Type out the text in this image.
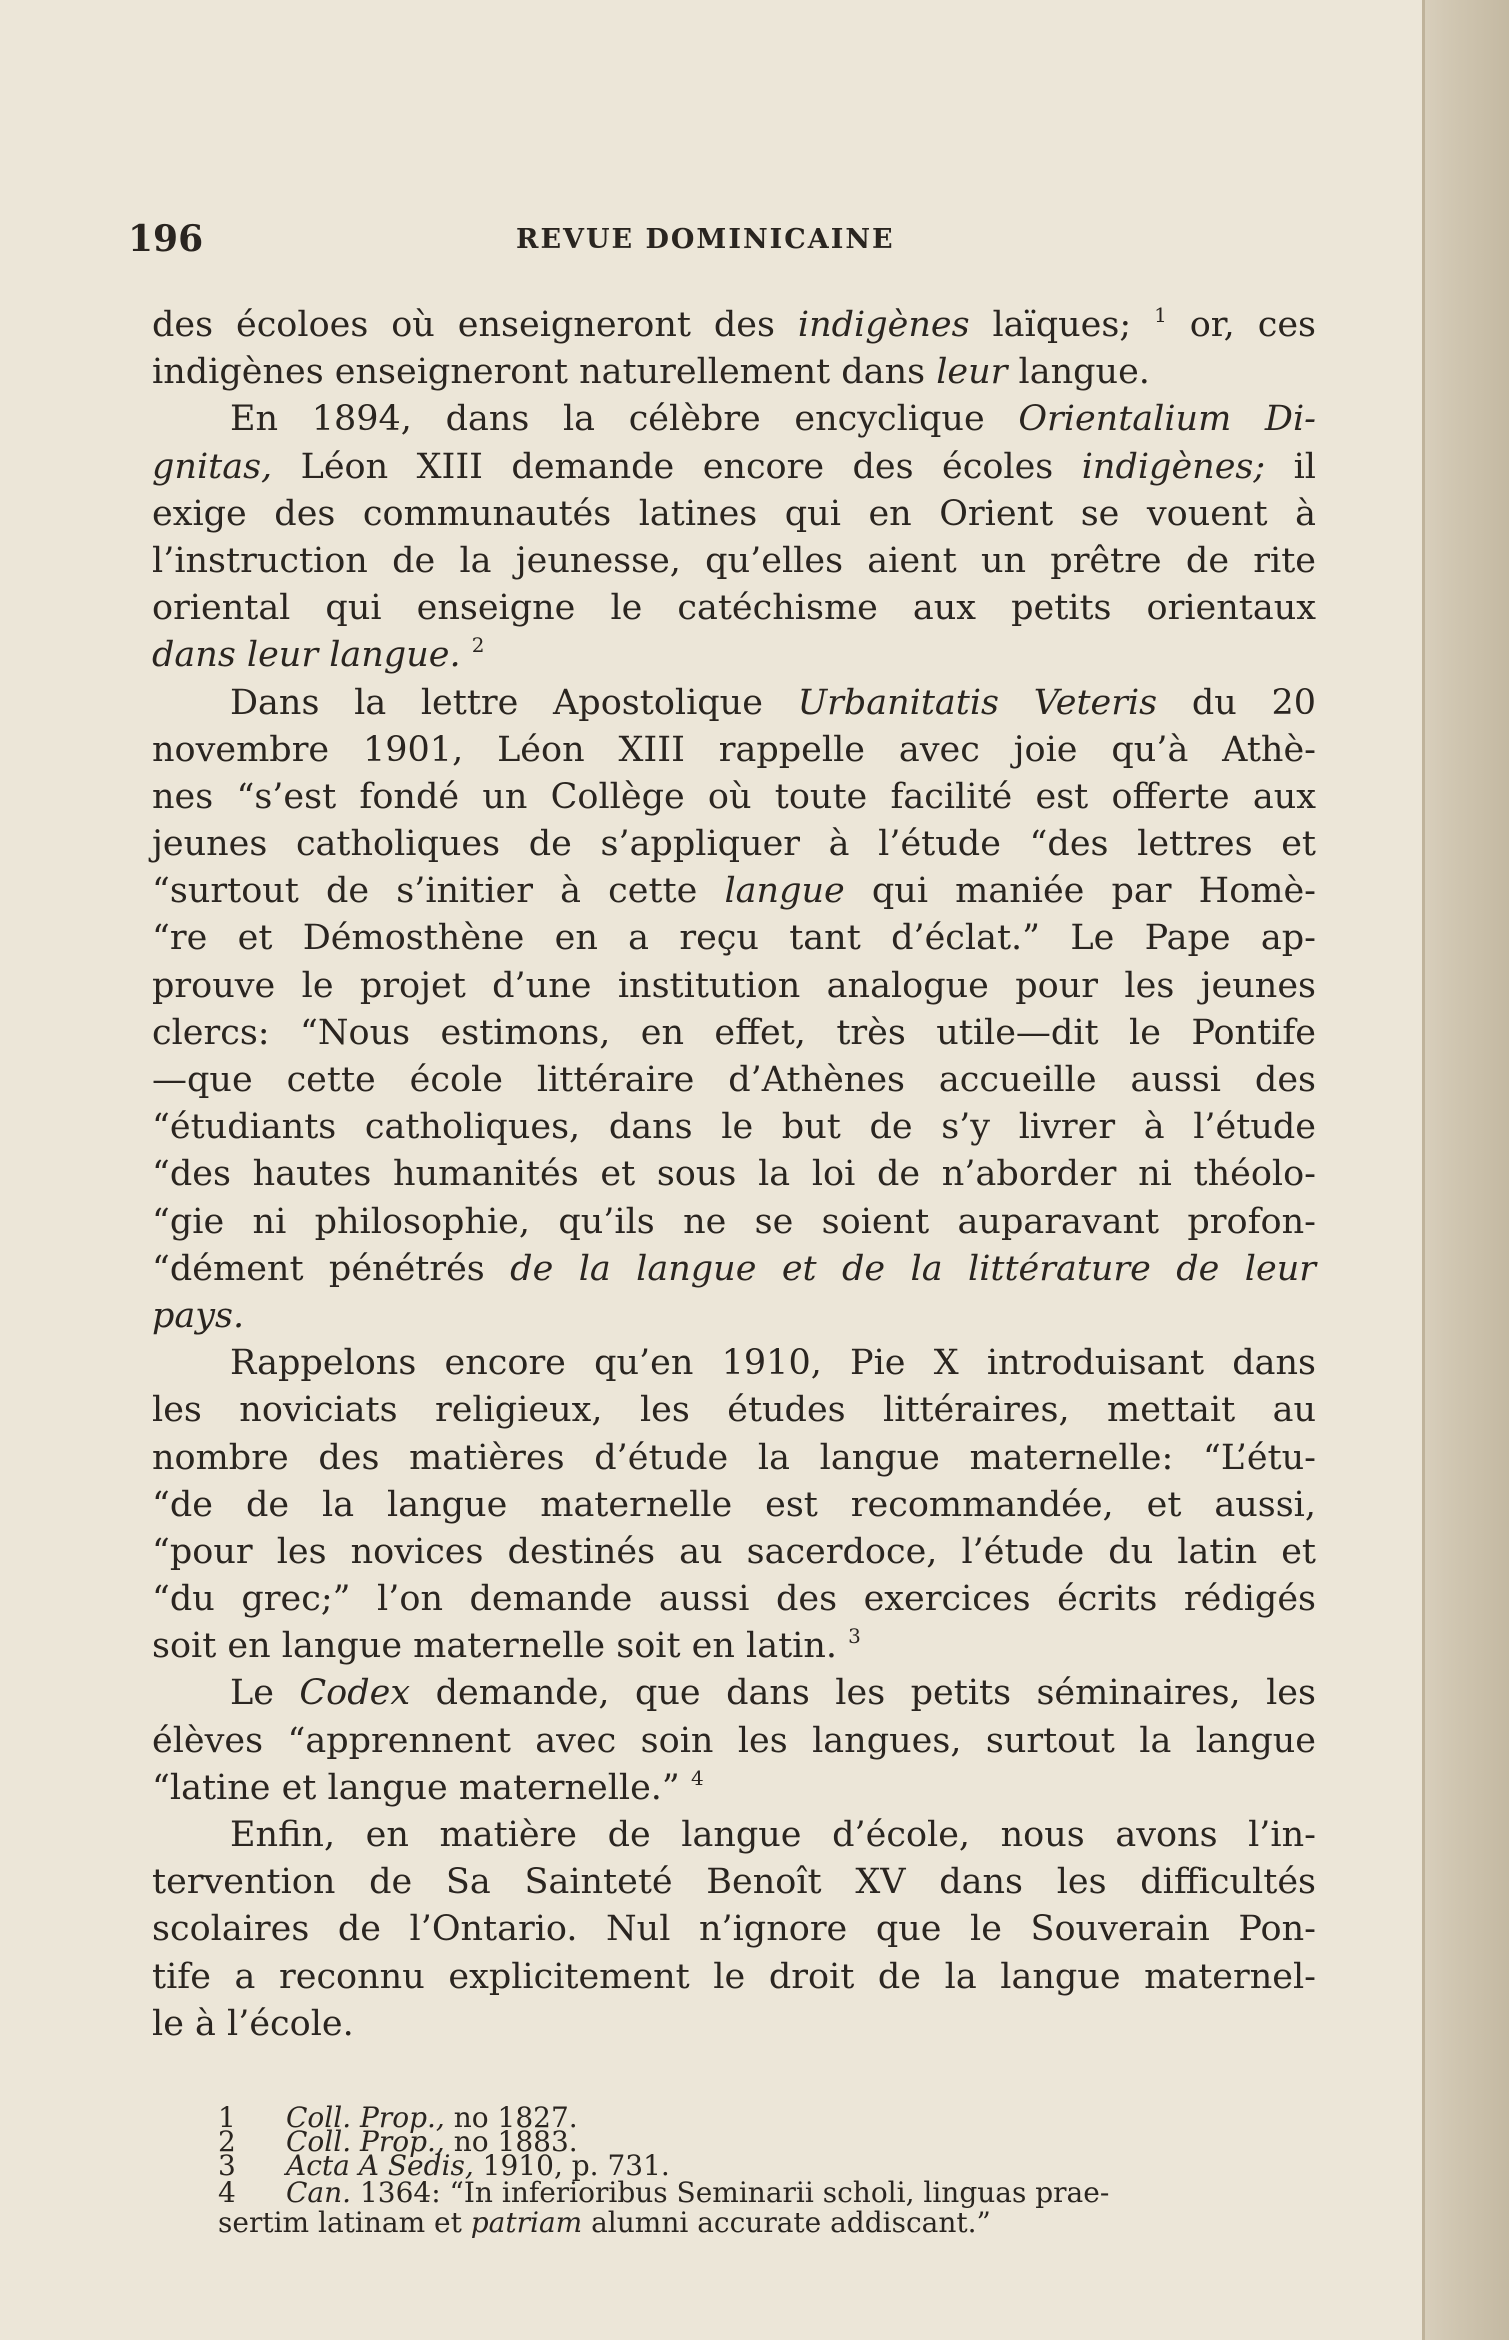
196	REVUE DOMINICAINE
des écoloes où enseigneront des indigènes laïques; $^1$ or, ces
indigènes enseigneront naturellement dans leur langue.
En 1894, dans la célèbre encyclique Orientalium Di-
gnitas, Léon XIII demande encore des écoles indigènes; il
exige des communautés latines qui en Orient se vouent à
l’instruction de la jeunesse, qu’elles aient un prêtre de rite
oriental qui enseigne le catéchisme aux petits orientaux
dans leur langue. $^2$
Dans la lettre Apostolique Urbanitatis Veteris du 20
novembre 1901, Léon XIII rappelle avec joie qu’à Athè-
nes “s’est fondé un Collège où toute facilité est offerte aux
jeunes catholiques de s’appliquer à l’étude “des lettres et
“surtout de s’initier à cette langue qui maniée par Homè-
“re et Démosthène en a reçu tant d’éclat.” Le Pape ap-
prouve le projet d’une institution analogue pour les jeunes
clercs: “Nous estimons, en effet, très utile—dit le Pontife
—que cette école littéraire d’Athènes accueille aussi des
“étudiants catholiques, dans le but de s’y livrer à l’étude
“des hautes humanités et sous la loi de n’aborder ni théolo-
“gie ni philosophie, qu’ils ne se soient auparavant profon-
“dément pénétrés de la langue et de la littérature de leur
pays.
Rappelons encore qu’en 1910, Pie X introduisant dans
les noviciats religieux, les études littéraires, mettait au
nombre des matières d’étude la langue maternelle: “L’étu-
“de de la langue maternelle est recommandée, et aussi,
“pour les novices destinés au sacerdoce, l’étude du latin et
“du grec;” l’on demande aussi des exercices écrits rédigés
soit en langue maternelle soit en latin. $^3$
Le Codex demande, que dans les petits séminaires, les
élèves “apprennent avec soin les langues, surtout la langue
“latine et langue maternelle.” $^4$
Enfin, en matière de langue d’école, nous avons l’in-
tervention de Sa Sainteté Benoît XV dans les difficultés
scolaires de l’Ontario. Nul n’ignore que le Souverain Pon-
tife a reconnu explicitement le droit de la langue maternel-
le à l’école.
1 Coll. Prop., no 1827.
2 Coll. Prop., no 1883.
3 Acta A Sedis, 1910, p. 731.
4 Can. 1364: “In inferioribus Seminarii scholi, linguas prae-
sertim latinam et patriam alumni accurate addiscant.”
